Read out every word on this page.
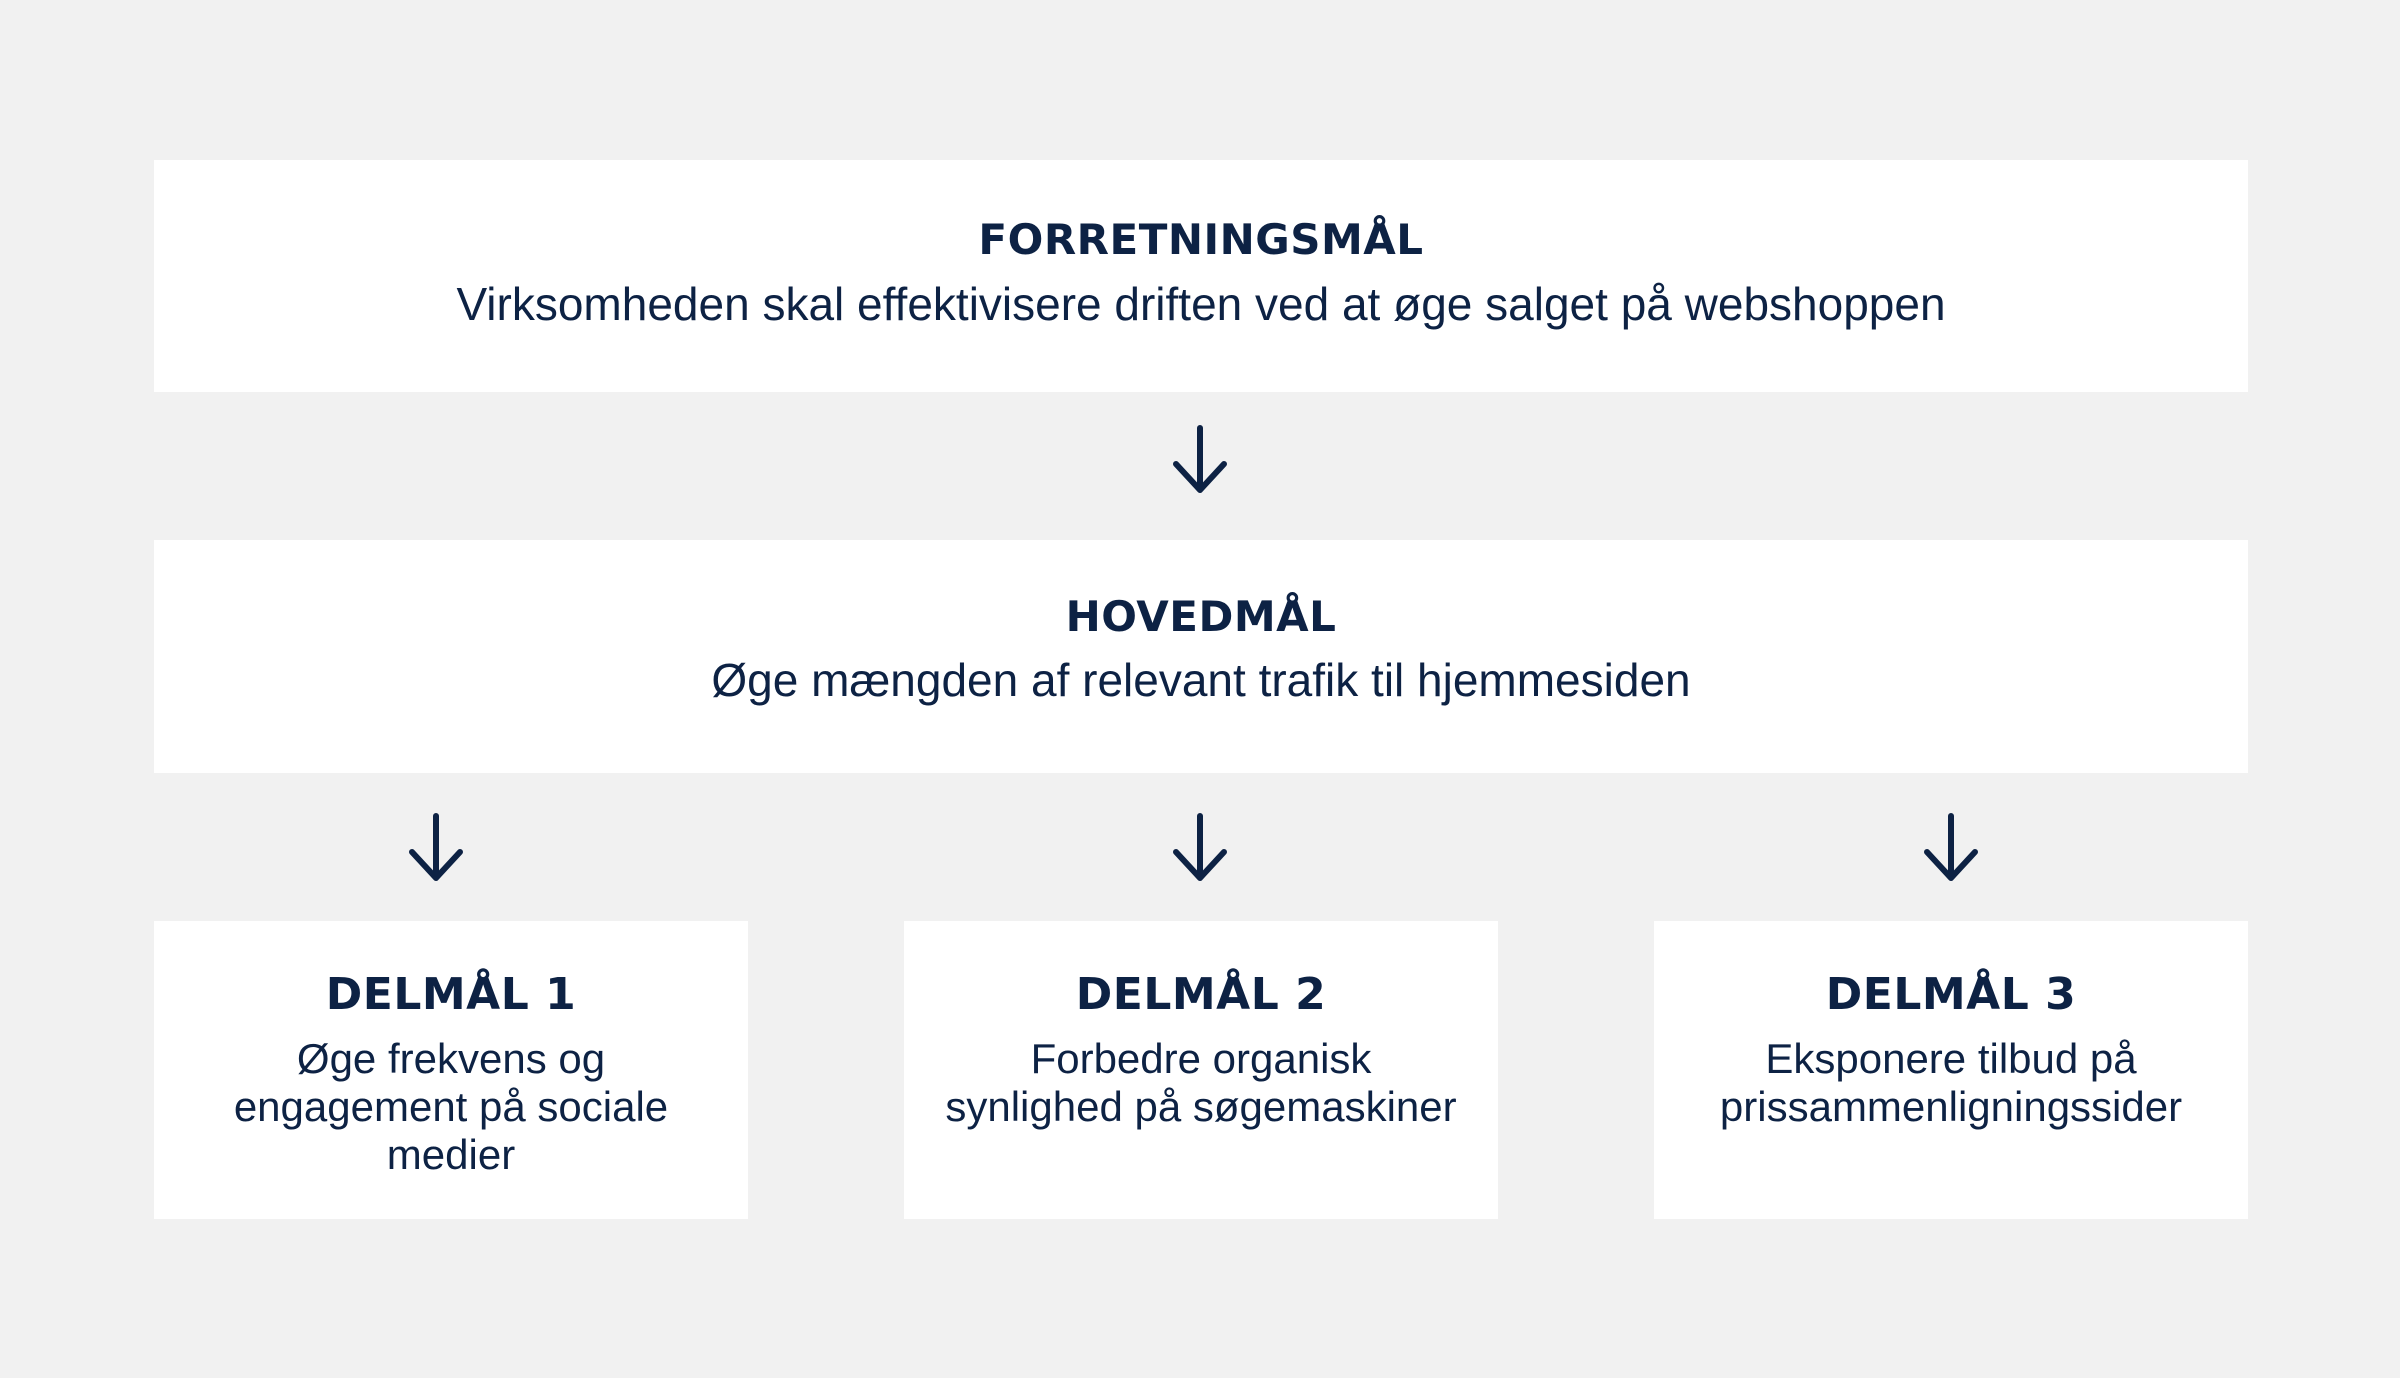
FORRETNINGSMÅL
Virksomheden skal effektivisere driften ved at øge salget på webshoppen
HOVEDMÅL
Øge mængden af relevant trafik til hjemmesiden
DELMÅL 1
Øge frekvens og engagement på sociale medier
DELMÅL 2
Forbedre organisk synlighed på søgemaskiner
DELMÅL 3
Eksponere tilbud på prissammenligningssider
